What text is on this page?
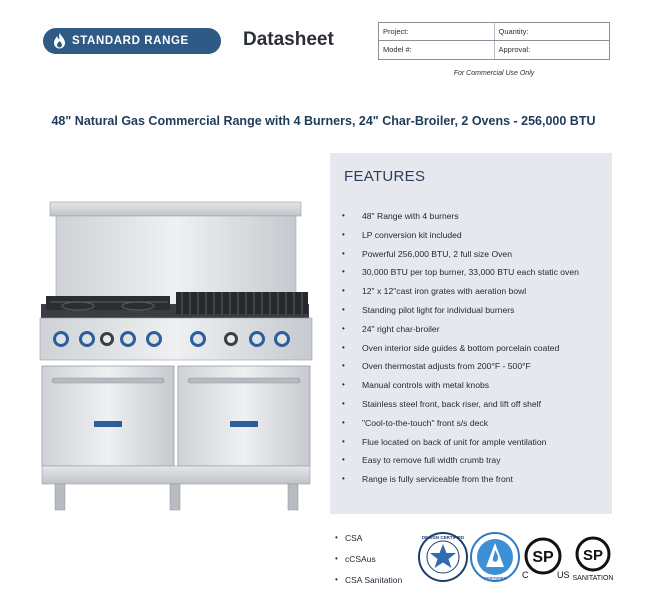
STANDARD RANGE	Datasheet	Project:	Quantity:
Model #:	Approval:
For Commercial Use Only
48" Natural Gas Commercial Range with 4 Burners, 24" Char-Broiler, 2 Ovens - 256,000 BTU
FEATURES
•	48" Range with 4 burners
•	LP conversion kit included
•	Powerful 256,000 BTU, 2 full size Oven
•	30,000 BTU per top burner, 33,000 BTU each static oven
•	12" x 12"cast iron grates with aeration bowl
•	Standing pilot light for individual burners
•	24" right char-broiler
•	Oven interior side guides & bottom porcelain coated
•	Oven thermostat adjusts from 200°F - 500°F
•	Manual controls with metal knobs
•	Stainless steel front, back riser, and lift off shelf
•	"Cool-to-the-touch" front s/s deck
•	Flue located on back of unit for ample ventilation
•	Easy to remove full width crumb tray
•	Range is fully serviceable from the front
• CSA
• cCSAus
• CSA Sanitation
DESIGN CERTIFIED
CERTIFIED
SP
C	US
SP
SANITATION
